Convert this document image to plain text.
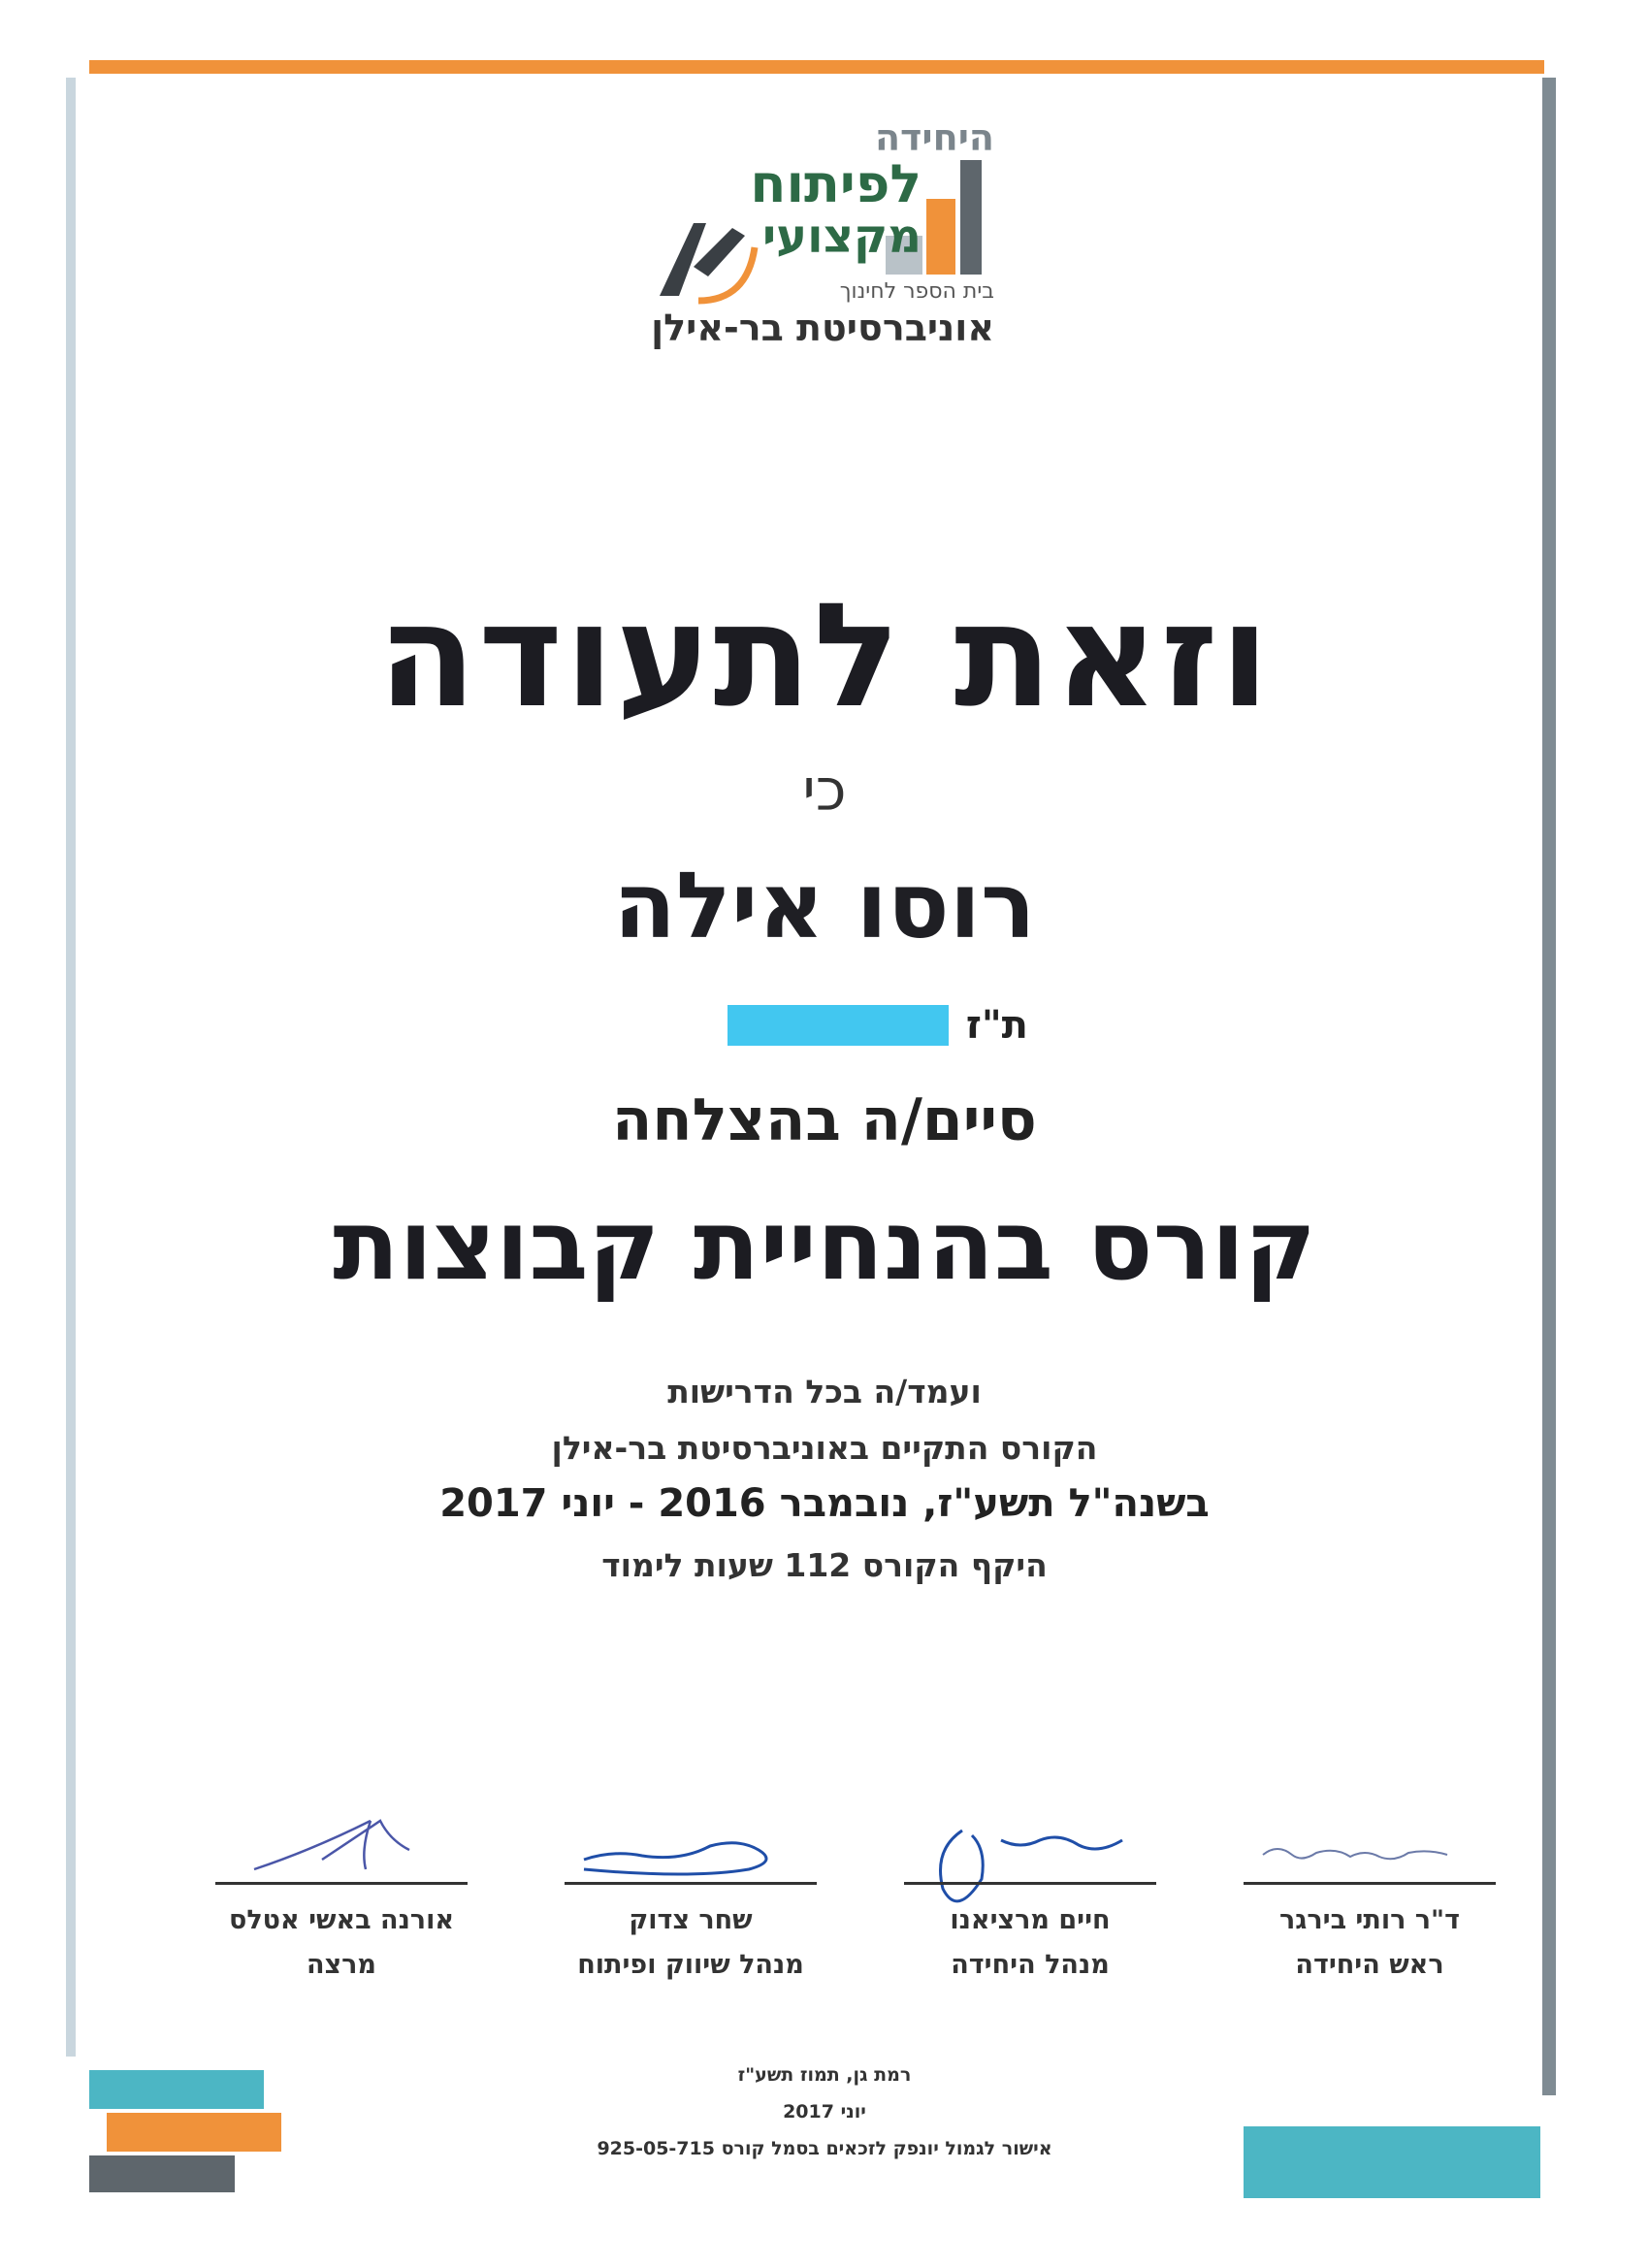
היחידה
לפיתוח
מקצועי
בית הספר לחינוך
אוניברסיטת בר-אילן
וזאת לתעודה
כי
רוסו אילה
ת"ז
סיים/ה בהצלחה
קורס בהנחיית קבוצות
ועמד/ה בכל הדרישות
הקורס התקיים באוניברסיטת בר-אילן
בשנה"ל תשע"ז, נובמבר 2016 - יוני 2017
היקף הקורס 112 שעות לימוד
ד"ר רותי בירגר
ראש היחידה
חיים מרציאנו
מנהל היחידה
שחר צדוק
מנהל שיווק ופיתוח
אורנה באשי אטלס
מרצה
רמת גן, תמוז תשע"ז
יוני 2017
אישור לגמול יונפק לזכאים בסמל קורס 925-05-715
